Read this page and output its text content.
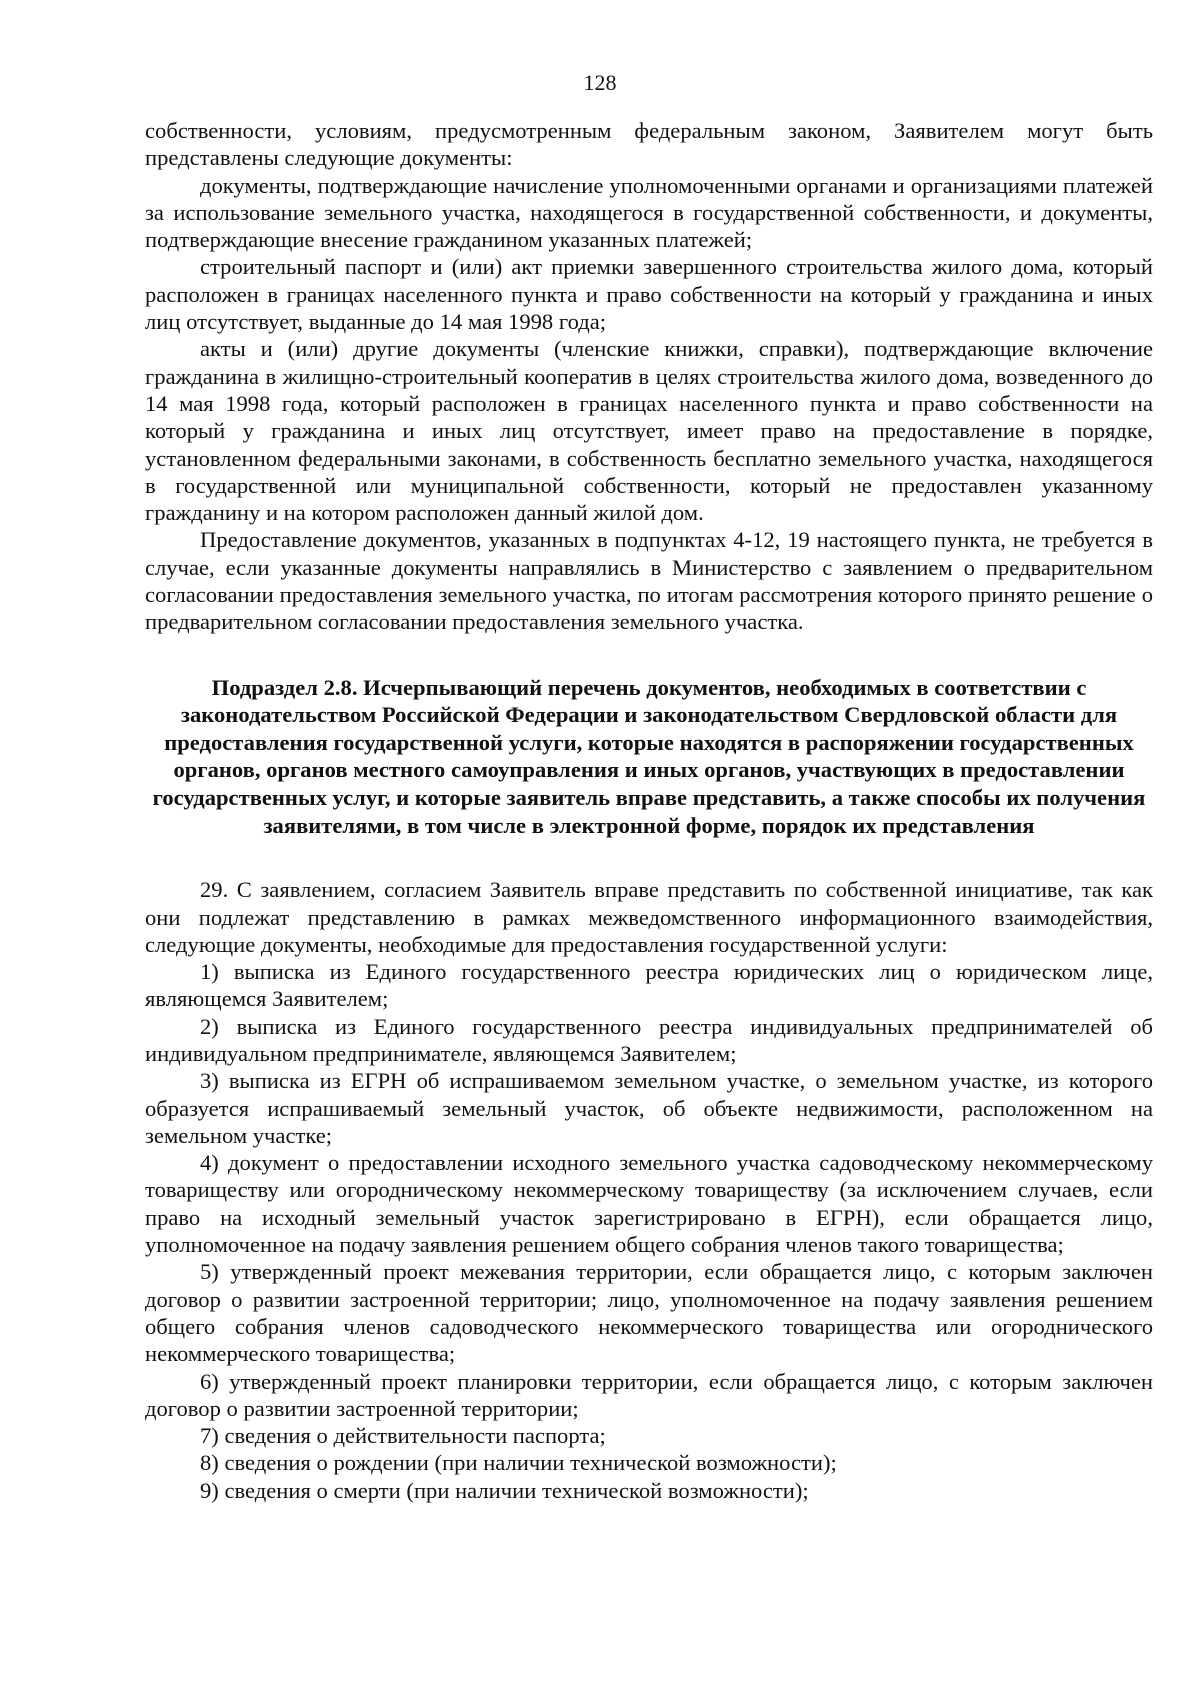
128

собственности, условиям, предусмотренным федеральным законом, Заявителем могут быть представлены следующие документы:

документы, подтверждающие начисление уполномоченными органами и организациями платежей за использование земельного участка, находящегося в государственной собственности, и документы, подтверждающие внесение гражданином указанных платежей;

строительный паспорт и (или) акт приемки завершенного строительства жилого дома, который расположен в границах населенного пункта и право собственности на который у гражданина и иных лиц отсутствует, выданные до 14 мая 1998 года;

акты и (или) другие документы (членские книжки, справки), подтверждающие включение гражданина в жилищно-строительный кооператив в целях строительства жилого дома, возведенного до 14 мая 1998 года, который расположен в границах населенного пункта и право собственности на который у гражданина и иных лиц отсутствует, имеет право на предоставление в порядке, установленном федеральными законами, в собственность бесплатно земельного участка, находящегося в государственной или муниципальной собственности, который не предоставлен указанному гражданину и на котором расположен данный жилой дом.

Предоставление документов, указанных в подпунктах 4-12, 19 настоящего пункта, не требуется в случае, если указанные документы направлялись в Министерство с заявлением о предварительном согласовании предоставления земельного участка, по итогам рассмотрения которого принято решение о предварительном согласовании предоставления земельного участка.

Подраздел 2.8. Исчерпывающий перечень документов, необходимых в соответствии с законодательством Российской Федерации и законодательством Свердловской области для предоставления государственной услуги, которые находятся в распоряжении государственных органов, органов местного самоуправления и иных органов, участвующих в предоставлении государственных услуг, и которые заявитель вправе представить, а также способы их получения заявителями, в том числе в электронной форме, порядок их представления

29. С заявлением, согласием Заявитель вправе представить по собственной инициативе, так как они подлежат представлению в рамках межведомственного информационного взаимодействия, следующие документы, необходимые для предоставления государственной услуги:

1) выписка из Единого государственного реестра юридических лиц о юридическом лице, являющемся Заявителем;

2) выписка из Единого государственного реестра индивидуальных предпринимателей об индивидуальном предпринимателе, являющемся Заявителем;

3) выписка из ЕГРН об испрашиваемом земельном участке, о земельном участке, из которого образуется испрашиваемый земельный участок, об объекте недвижимости, расположенном на земельном участке;

4) документ о предоставлении исходного земельного участка садоводческому некоммерческому товариществу или огородническому некоммерческому товариществу (за исключением случаев, если право на исходный земельный участок зарегистрировано в ЕГРН), если обращается лицо, уполномоченное на подачу заявления решением общего собрания членов такого товарищества;

5) утвержденный проект межевания территории, если обращается лицо, с которым заключен договор о развитии застроенной территории; лицо, уполномоченное на подачу заявления решением общего собрания членов садоводческого некоммерческого товарищества или огороднического некоммерческого товарищества;

6) утвержденный проект планировки территории, если обращается лицо, с которым заключен договор о развитии застроенной территории;

7) сведения о действительности паспорта;

8) сведения о рождении (при наличии технической возможности);

9) сведения о смерти (при наличии технической возможности);
